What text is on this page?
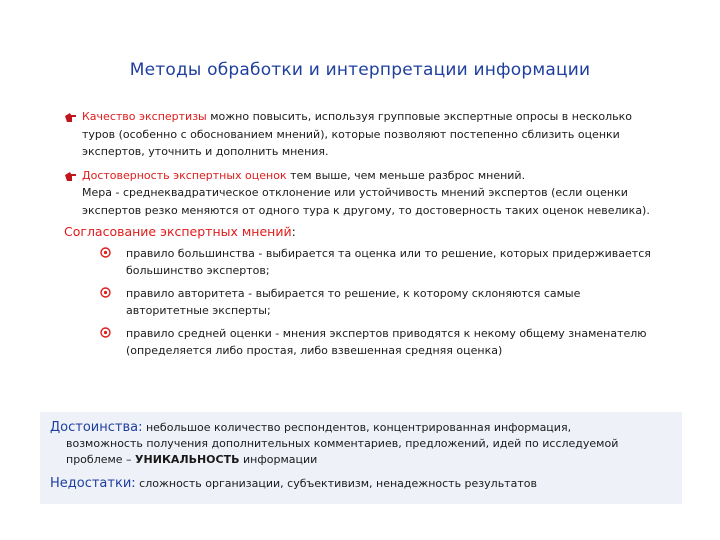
Методы обработки и интерпретации информации
Качество экспертизы можно повысить, используя групповые экспертные опросы в несколько туров (особенно с обоснованием мнений), которые позволяют постепенно сблизить оценки экспертов, уточнить и дополнить мнения.
Достоверность экспертных оценок тем выше, чем меньше разброс мнений.
Мера - среднеквадратическое отклонение или устойчивость мнений экспертов (если оценки экспертов резко меняются от одного тура к другому, то достоверность таких оценок невелика).
Согласование экспертных мнений:
правило большинства - выбирается та оценка или то решение, которых придерживается большинство экспертов;
правило авторитета - выбирается то решение, к которому склоняются самые авторитетные эксперты;
правило средней оценки - мнения экспертов приводятся к некому общему знаменателю (определяется либо простая, либо взвешенная средняя оценка)
Достоинства: небольшое количество респондентов, концентрированная информация,
возможность получения дополнительных комментариев, предложений, идей по исследуемой проблеме – УНИКАЛЬНОСТЬ информации
Недостатки: сложность организации, субъективизм, ненадежность результатов
